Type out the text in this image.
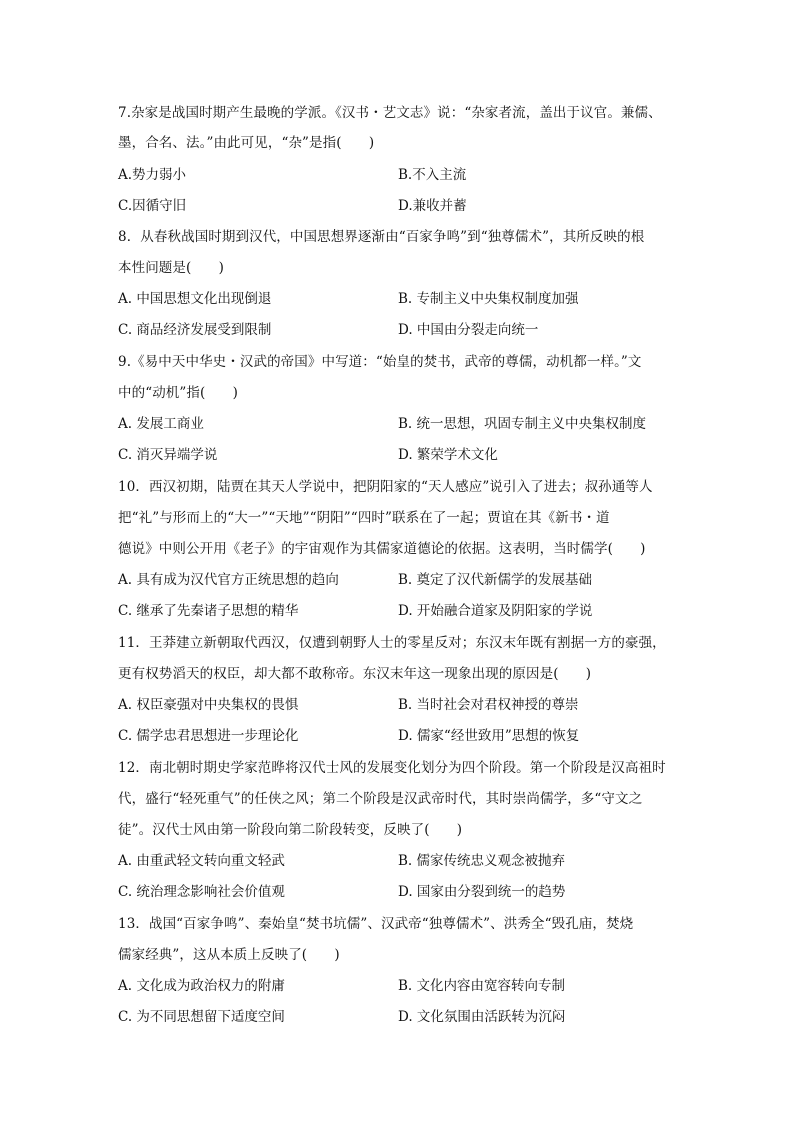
7.杂家是战国时期产生最晚的学派。《汉书・艺文志》说：“杂家者流，盖出于议官。兼儒、
墨，合名、法。”由此可见，“杂”是指(　　)
A.势力弱小	B.不入主流
C.因循守旧	D.兼收并蓄
8．从春秋战国时期到汉代，中国思想界逐渐由“百家争鸣”到“独尊儒术”，其所反映的根
本性问题是(　　)
A. 中国思想文化出现倒退	B. 专制主义中央集权制度加强
C. 商品经济发展受到限制	D. 中国由分裂走向统一
9.《易中天中华史・汉武的帝国》中写道：“始皇的焚书，武帝的尊儒，动机都一样。”文
中的“动机”指(　　)
A. 发展工商业	B. 统一思想，巩固专制主义中央集权制度
C. 消灭异端学说	D. 繁荣学术文化
10．西汉初期，陆贾在其天人学说中，把阴阳家的“天人感应”说引入了进去；叔孙通等人
把“礼”与形而上的“大一”“天地”“阴阳”“四时”联系在了一起；贾谊在其《新书・道
德说》中则公开用《老子》的宇宙观作为其儒家道德论的依据。这表明，当时儒学(　　)
A. 具有成为汉代官方正统思想的趋向	B. 奠定了汉代新儒学的发展基础
C. 继承了先秦诸子思想的精华	D. 开始融合道家及阴阳家的学说
11．王莽建立新朝取代西汉，仅遭到朝野人士的零星反对；东汉末年既有割据一方的豪强，
更有权势滔天的权臣，却大都不敢称帝。东汉末年这一现象出现的原因是(　　)
A. 权臣豪强对中央集权的畏惧	B. 当时社会对君权神授的尊崇
C. 儒学忠君思想进一步理论化	D. 儒家“经世致用”思想的恢复
12．南北朝时期史学家范晔将汉代士风的发展变化划分为四个阶段。第一个阶段是汉高祖时
代，盛行“轻死重气”的任侠之风；第二个阶段是汉武帝时代，其时崇尚儒学，多“守文之
徒”。汉代士风由第一阶段向第二阶段转变，反映了(　　)
A. 由重武轻文转向重文轻武	B. 儒家传统忠义观念被抛弃
C. 统治理念影响社会价值观	D. 国家由分裂到统一的趋势
13．战国“百家争鸣”、秦始皇“焚书坑儒”、汉武帝“独尊儒术”、洪秀全“毁孔庙，焚烧
儒家经典”，这从本质上反映了(　　)
A. 文化成为政治权力的附庸	B. 文化内容由宽容转向专制
C. 为不同思想留下适度空间	D. 文化氛围由活跃转为沉闷
